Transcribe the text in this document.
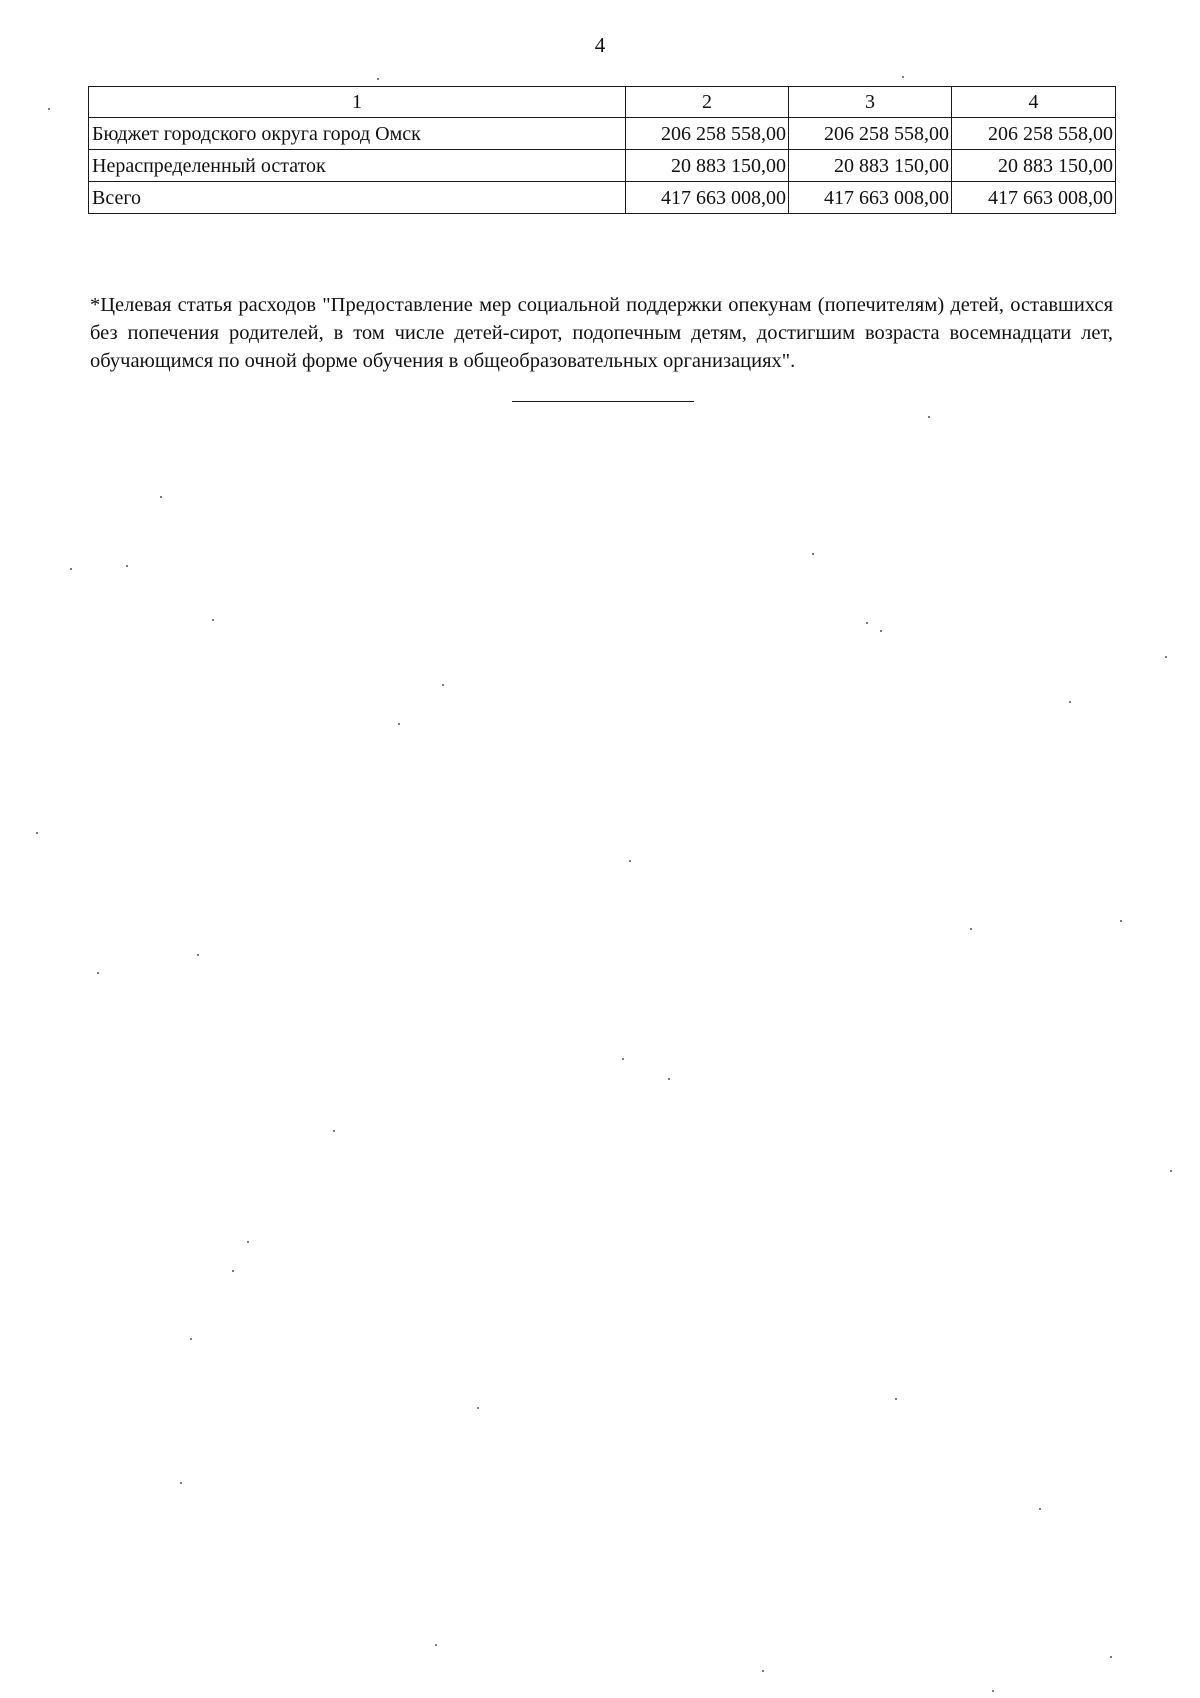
4
1	2	3	4
Бюджет городского округа город Омск	206 258 558,00	206 258 558,00	206 258 558,00
Нераспределенный остаток	20 883 150,00	20 883 150,00	20 883 150,00
Всего	417 663 008,00	417 663 008,00	417 663 008,00

*Целевая статья расходов "Предоставление мер социальной поддержки опекунам (попечителям) детей, оставшихся без попечения родителей, в том числе детей-сирот, подопечным детям, достигшим возраста восемнадцати лет, обучающимся по очной форме обучения в общеобразовательных организациях".
